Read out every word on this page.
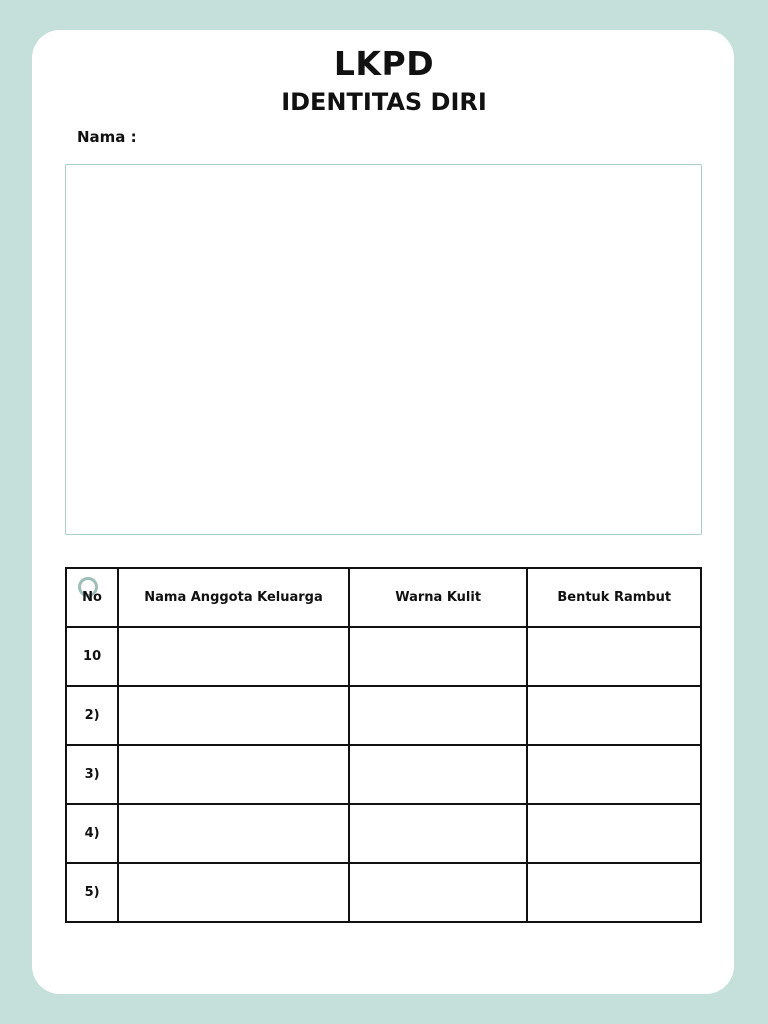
LKPD
IDENTITAS DIRI
Nama :
No	Nama Anggota Keluarga	Warna Kulit	Bentuk Rambut
10			
2)			
3)			
4)			
5)			
